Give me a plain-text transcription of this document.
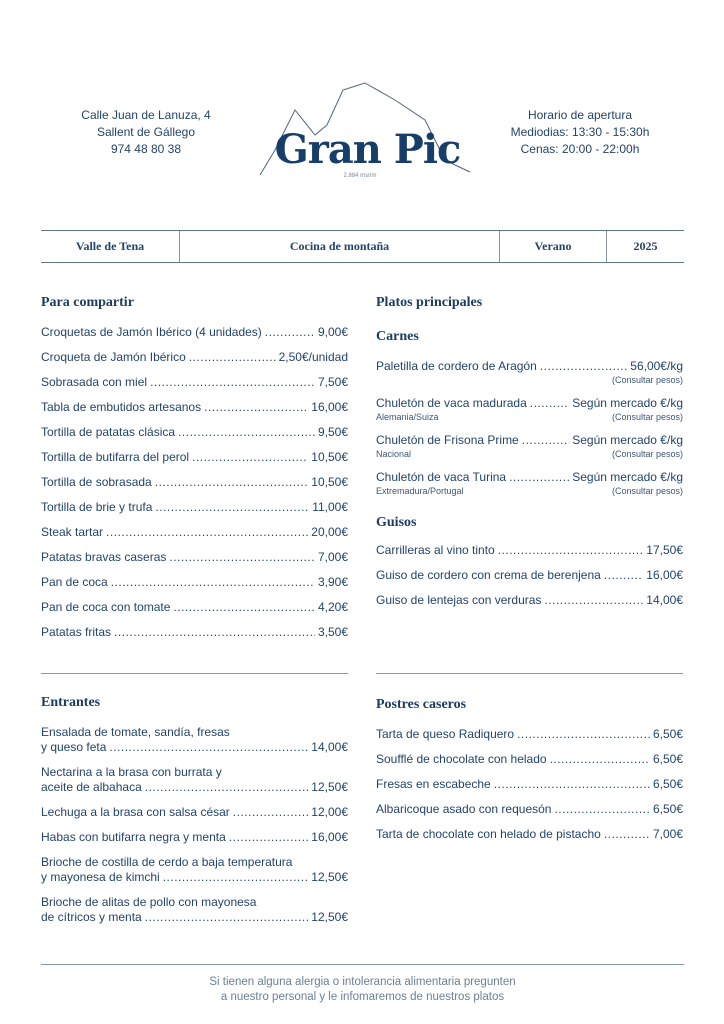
Calle Juan de Lanuza, 4
Sallent de Gállego
974 48 80 38	Gran Pic
2.884 msnm
Horario de apertura
Mediodias: 13:30 - 15:30h
Cenas: 20:00 - 22:00h
Valle de Tena	Cocina de montaña	Verano	2025
Para compartir
Croquetas de Jamón Ibérico (4 unidades) .....	9,00€
Croqueta de Jamón Ibérico .....	2,50€/unidad
Sobrasada con miel .....	7,50€
Tabla de embutidos artesanos .....	16,00€
Tortilla de patatas clásica .....	9,50€
Tortilla de butifarra del perol .....	10,50€
Tortilla de sobrasada .....	10,50€
Tortilla de brie y trufa .....	11,00€
Steak tartar .....	20,00€
Patatas bravas caseras .....	7,00€
Pan de coca .....	3,90€
Pan de coca con tomate .....	4,20€
Patatas fritas .....	3,50€
Platos principales
Carnes
Paletilla de cordero de Aragón .....	56,00€/kg
(Consultar pesos)
Chuletón de vaca madurada .....	Según mercado €/kg
Alemania/Suiza	(Consultar pesos)
Chuletón de Frisona Prime .....	Según mercado €/kg
Nacional	(Consultar pesos)
Chuletón de vaca Turina .....	Según mercado €/kg
Extremadura/Portugal	(Consultar pesos)
Guisos
Carrilleras al vino tinto .....	17,50€
Guiso de cordero con crema de berenjena .....	16,00€
Guiso de lentejas con verduras .....	14,00€
Entrantes
Ensalada de tomate, sandía, fresas
y queso feta .....	14,00€
Nectarina a la brasa con burrata y
aceite de albahaca .....	12,50€
Lechuga a la brasa con salsa césar .....	12,00€
Habas con butifarra negra y menta .....	16,00€
Brioche de costilla de cerdo a baja temperatura
y mayonesa de kimchi .....	12,50€
Brioche de alitas de pollo con mayonesa
de cítricos y menta .....	12,50€
Postres caseros
Tarta de queso Radiquero .....	6,50€
Soufflé de chocolate con helado .....	6,50€
Fresas en escabeche .....	6,50€
Albaricoque asado con requesón .....	6,50€
Tarta de chocolate con helado de pistacho .....	7,00€
Si tienen alguna alergia o intolerancia alimentaria pregunten
a nuestro personal y le infomaremos de nuestros platos
